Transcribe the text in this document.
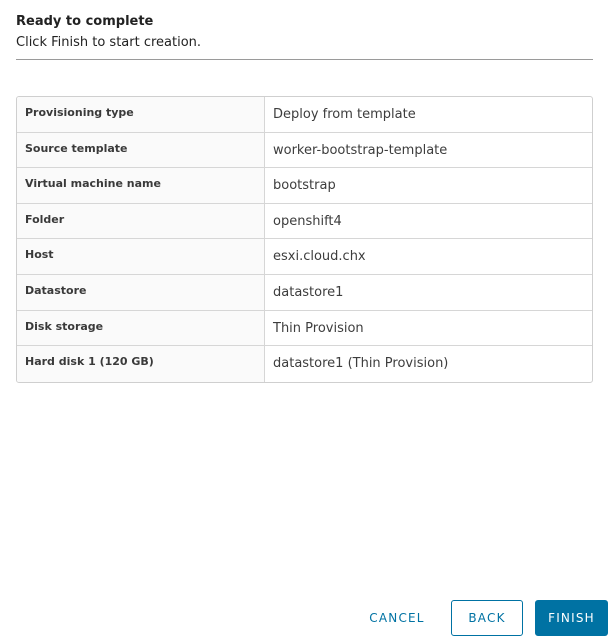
Ready to complete
Click Finish to start creation.
Provisioning type	Deploy from template
Source template	worker-bootstrap-template
Virtual machine name	bootstrap
Folder	openshift4
Host	esxi.cloud.chx
Datastore	datastore1
Disk storage	Thin Provision
Hard disk 1 (120 GB)	datastore1 (Thin Provision)
CANCEL	BACK	FINISH
